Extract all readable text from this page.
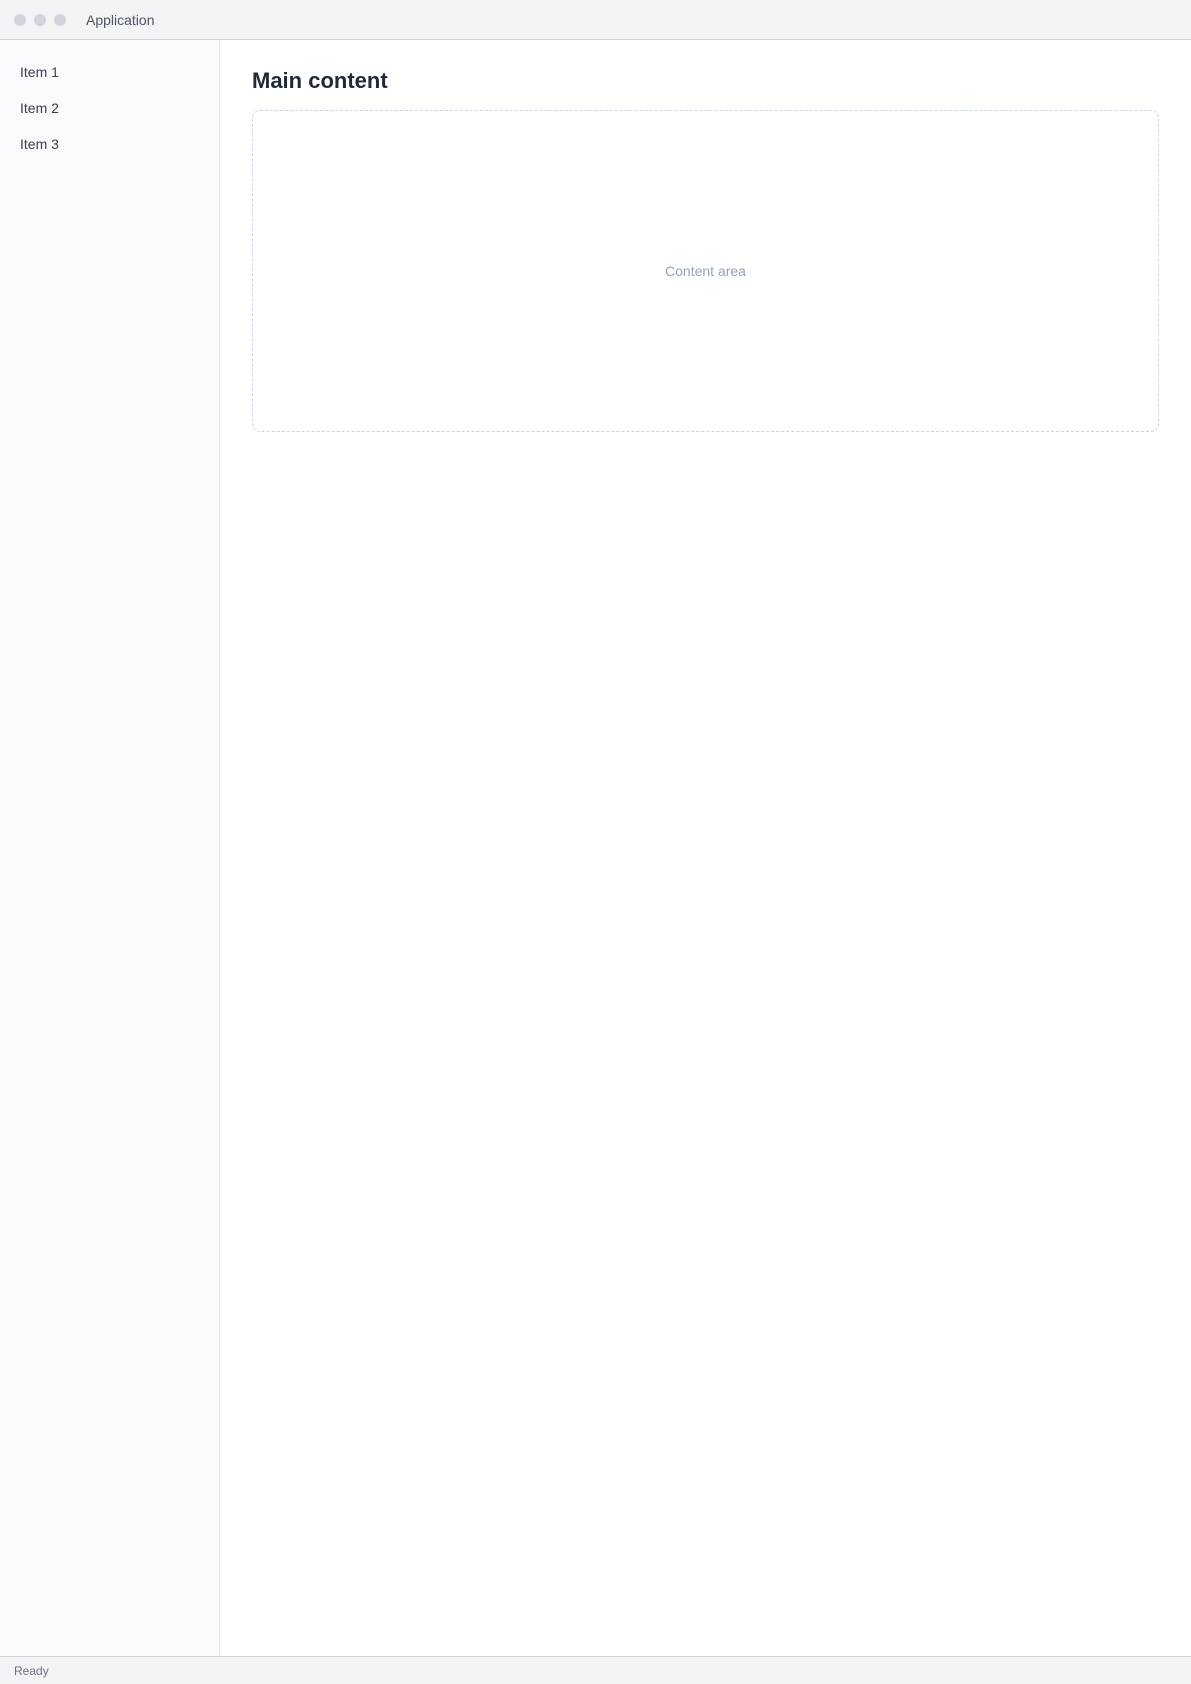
Application
Item 1
Item 2
Item 3
Main content
Content area
Ready
